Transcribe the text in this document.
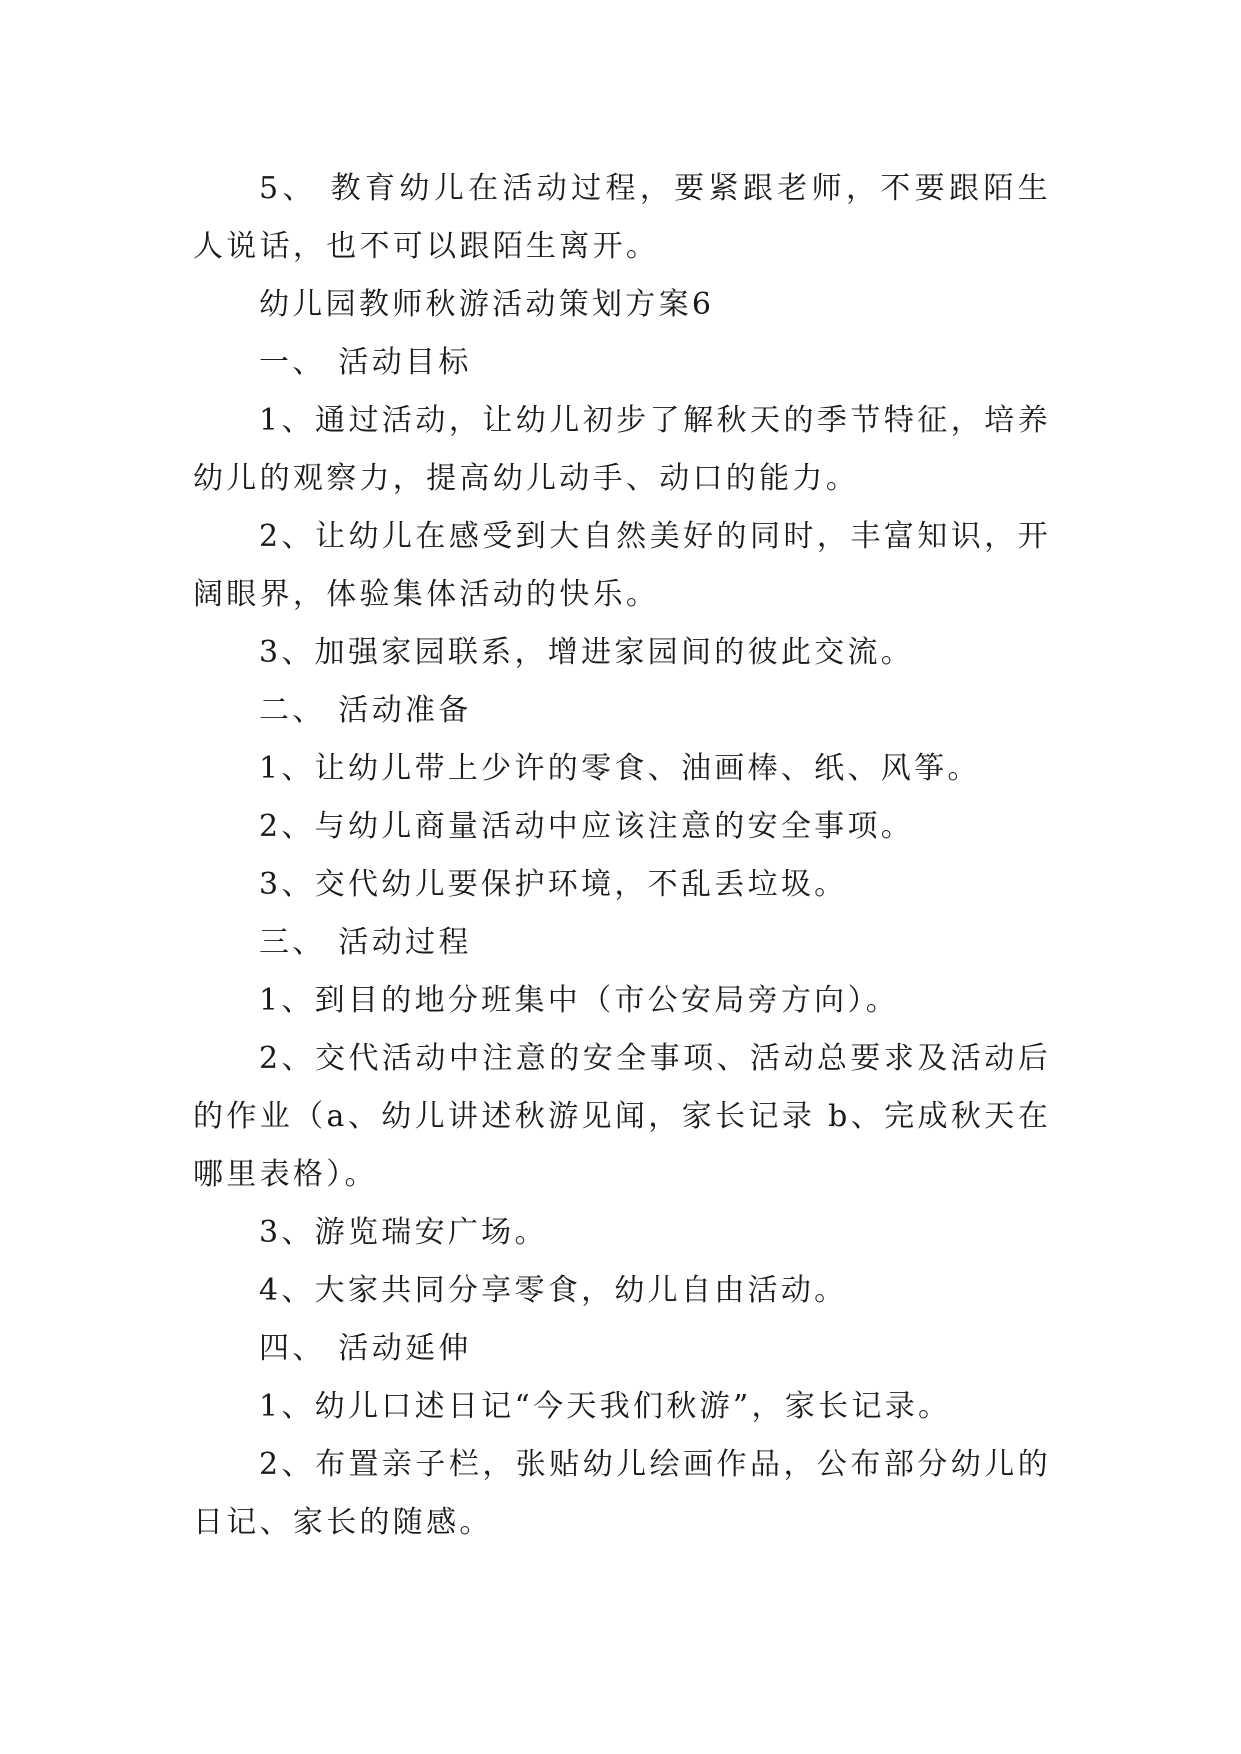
5、 教育幼儿在活动过程，要紧跟老师，不要跟陌生人说话，也不可以跟陌生离开。

幼儿园教师秋游活动策划方案6

一、 活动目标

1、通过活动，让幼儿初步了解秋天的季节特征，培养幼儿的观察力，提高幼儿动手、动口的能力。

2、让幼儿在感受到大自然美好的同时，丰富知识，开阔眼界，体验集体活动的快乐。

3、加强家园联系，增进家园间的彼此交流。

二、 活动准备

1、让幼儿带上少许的零食、油画棒、纸、风筝。

2、与幼儿商量活动中应该注意的安全事项。

3、交代幼儿要保护环境，不乱丢垃圾。

三、 活动过程

1、到目的地分班集中（市公安局旁方向）。

2、交代活动中注意的安全事项、活动总要求及活动后的作业（a、幼儿讲述秋游见闻，家长记录 b、完成秋天在哪里表格）。

3、游览瑞安广场。

4、大家共同分享零食，幼儿自由活动。

四、 活动延伸

1、幼儿口述日记“今天我们秋游”，家长记录。

2、布置亲子栏，张贴幼儿绘画作品，公布部分幼儿的日记、家长的随感。
